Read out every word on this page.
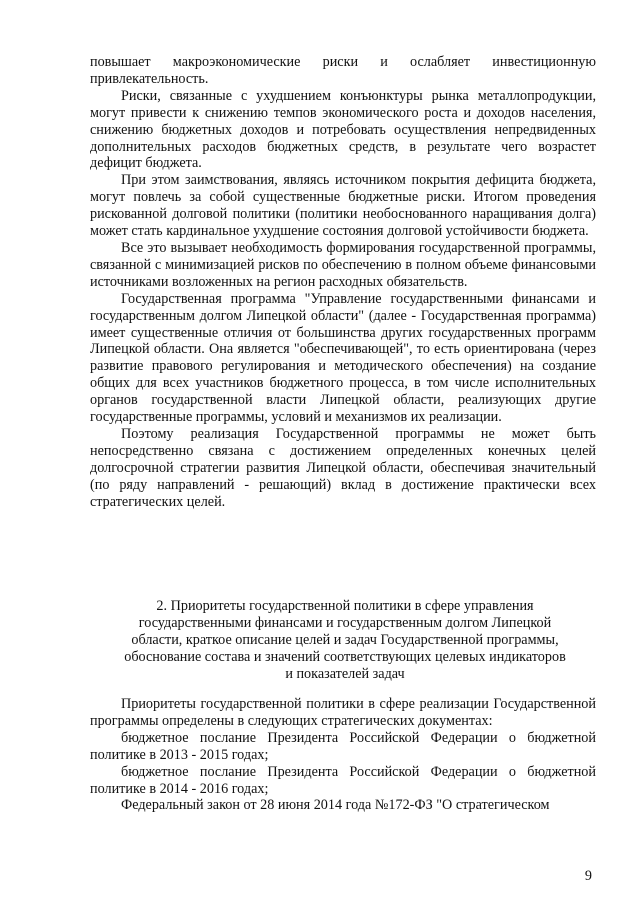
повышает макроэкономические риски и ослабляет инвестиционную привлекательность.

Риски, связанные с ухудшением конъюнктуры рынка металлопродукции, могут привести к снижению темпов экономического роста и доходов населения, снижению бюджетных доходов и потребовать осуществления непредвиденных дополнительных расходов бюджетных средств, в результате чего возрастет дефицит бюджета.

При этом заимствования, являясь источником покрытия дефицита бюджета, могут повлечь за собой существенные бюджетные риски. Итогом проведения рискованной долговой политики (политики необоснованного наращивания долга) может стать кардинальное ухудшение состояния долговой устойчивости бюджета.

Все это вызывает необходимость формирования государственной программы, связанной с минимизацией рисков по обеспечению в полном объеме финансовыми источниками возложенных на регион расходных обязательств.

Государственная программа "Управление государственными финансами и государственным долгом Липецкой области" (далее - Государственная программа) имеет существенные отличия от большинства других государственных программ Липецкой области. Она является "обеспечивающей", то есть ориентирована (через развитие правового регулирования и методического обеспечения) на создание общих для всех участников бюджетного процесса, в том числе исполнительных органов государственной власти Липецкой области, реализующих другие государственные программы, условий и механизмов их реализации.

Поэтому реализация Государственной программы не может быть непосредственно связана с достижением определенных конечных целей долгосрочной стратегии развития Липецкой области, обеспечивая значительный (по ряду направлений - решающий) вклад в достижение практически всех стратегических целей.

2. Приоритеты государственной политики в сфере управления государственными финансами и государственным долгом Липецкой области, краткое описание целей и задач Государственной программы, обоснование состава и значений соответствующих целевых индикаторов и показателей задач

Приоритеты государственной политики в сфере реализации Государственной программы определены в следующих стратегических документах:

бюджетное послание Президента Российской Федерации о бюджетной политике в 2013 - 2015 годах;

бюджетное послание Президента Российской Федерации о бюджетной политике в 2014 - 2016 годах;

Федеральный закон от 28 июня 2014 года №172-ФЗ "О стратегическом

9
